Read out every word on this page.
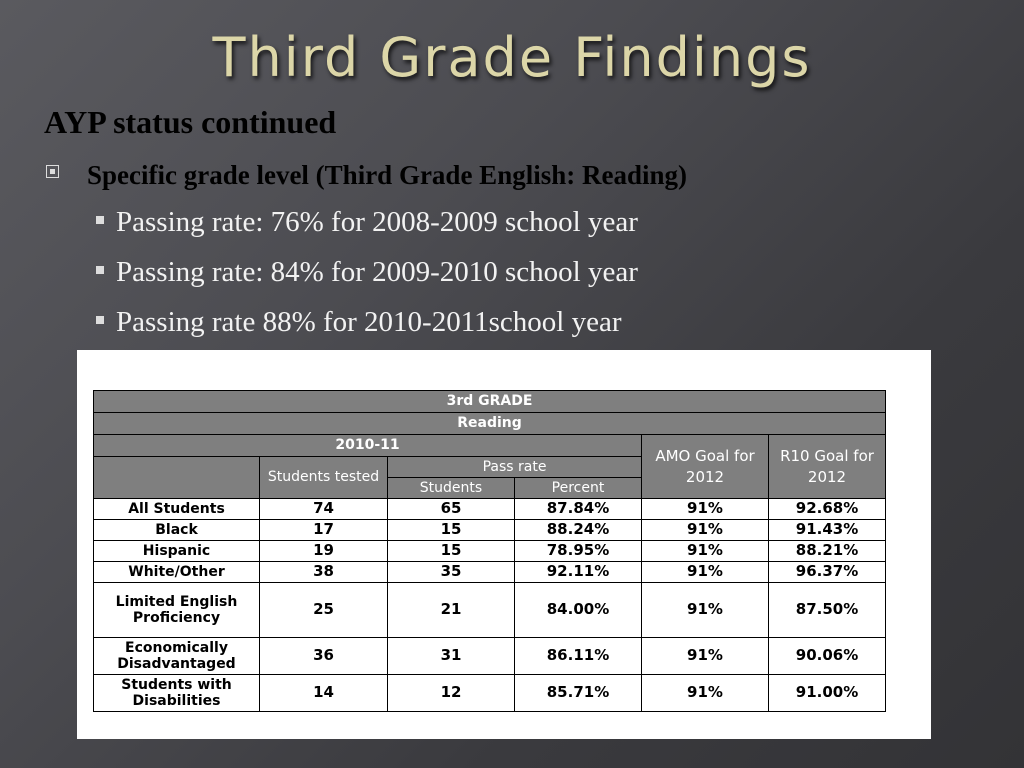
Third Grade Findings
AYP status continued
Specific grade level (Third Grade English: Reading)
Passing rate: 76% for 2008-2009 school year
Passing rate: 84% for 2009-2010 school year
Passing rate 88% for 2010-2011school year
3rd GRADE					
Reading					
2010-11				AMO Goal for 2012	R10 Goal for 2012
	Students tested	Pass rate			
		Students	Percent		
All Students	74	65	87.84%	91%	92.68%
Black	17	15	88.24%	91%	91.43%
Hispanic	19	15	78.95%	91%	88.21%
White/Other	38	35	92.11%	91%	96.37%
Limited English Proficiency	25	21	84.00%	91%	87.50%
Economically Disadvantaged	36	31	86.11%	91%	90.06%
Students with Disabilities	14	12	85.71%	91%	91.00%
